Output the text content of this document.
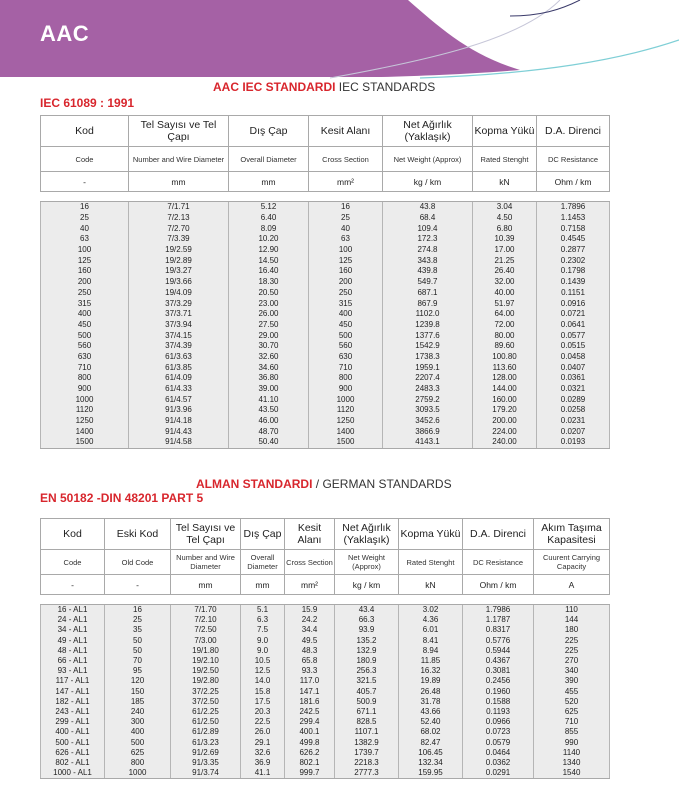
AAC
AAC IEC STANDARDI IEC STANDARDS
IEC 61089 : 1991
Kod	Tel Sayısı ve Tel Çapı	Dış Çap	Kesit Alanı	Net Ağırlık (Yaklaşık)	Kopma Yükü	D.A. Direnci
Code	Number and Wire Diameter	Overall Diameter	Cross Section	Net Weight (Approx)	Rated Stenght	DC Resistance
-	mm	mm	mm²	kg / km	kN	Ohm / km

16	7/1.71	5.12	16	43.8	3.04	1.7896
25	7/2.13	6.40	25	68.4	4.50	1.1453
40	7/2.70	8.09	40	109.4	6.80	0.7158
63	7/3.39	10.20	63	172.3	10.39	0.4545
100	19/2.59	12.90	100	274.8	17.00	0.2877
125	19/2.89	14.50	125	343.8	21.25	0.2302
160	19/3.27	16.40	160	439.8	26.40	0.1798
200	19/3.66	18.30	200	549.7	32.00	0.1439
250	19/4.09	20.50	250	687.1	40.00	0.1151
315	37/3.29	23.00	315	867.9	51.97	0.0916
400	37/3.71	26.00	400	1102.0	64.00	0.0721
450	37/3.94	27.50	450	1239.8	72.00	0.0641
500	37/4.15	29.00	500	1377.6	80.00	0.0577
560	37/4.39	30.70	560	1542.9	89.60	0.0515
630	61/3.63	32.60	630	1738.3	100.80	0.0458
710	61/3.85	34.60	710	1959.1	113.60	0.0407
800	61/4.09	36.80	800	2207.4	128.00	0.0361
900	61/4.33	39.00	900	2483.3	144.00	0.0321
1000	61/4.57	41.10	1000	2759.2	160.00	0.0289
1120	91/3.96	43.50	1120	3093.5	179.20	0.0258
1250	91/4.18	46.00	1250	3452.6	200.00	0.0231
1400	91/4.43	48.70	1400	3866.9	224.00	0.0207
1500	91/4.58	50.40	1500	4143.1	240.00	0.0193
ALMAN STANDARDI / GERMAN STANDARDS
EN 50182 -DIN 48201 PART 5
Kod	Eski Kod	Tel Sayısı ve Tel Çapı	Dış Çap	Kesit Alanı	Net Ağırlık (Yaklaşık)	Kopma Yükü	D.A. Direnci	Akım Taşıma Kapasitesi
Code	Old Code	Number and Wire Diameter	Overall Diameter	Cross Section	Net Weight (Approx)	Rated Stenght	DC Resistance	Cuurent Carrying Capacity
-	-	mm	mm	mm²	kg / km	kN	Ohm / km	A

16 - AL1	16	7/1.70	5.1	15.9	43.4	3.02	1.7986	110
24 - AL1	25	7/2.10	6.3	24.2	66.3	4.36	1.1787	144
34 - AL1	35	7/2.50	7.5	34.4	93.9	6.01	0.8317	180
49 - AL1	50	7/3.00	9.0	49.5	135.2	8.41	0.5776	225
48 - AL1	50	19/1.80	9.0	48.3	132.9	8.94	0.5944	225
66 - AL1	70	19/2.10	10.5	65.8	180.9	11.85	0.4367	270
93 - AL1	95	19/2.50	12.5	93.3	256.3	16.32	0.3081	340
117 - AL1	120	19/2.80	14.0	117.0	321.5	19.89	0.2456	390
147 - AL1	150	37/2.25	15.8	147.1	405.7	26.48	0.1960	455
182 - AL1	185	37/2.50	17.5	181.6	500.9	31.78	0.1588	520
243 - AL1	240	61/2.25	20.3	242.5	671.1	43.66	0.1193	625
299 - AL1	300	61/2.50	22.5	299.4	828.5	52.40	0.0966	710
400 - AL1	400	61/2.89	26.0	400.1	1107.1	68.02	0.0723	855
500 - AL1	500	61/3.23	29.1	499.8	1382.9	82.47	0.0579	990
626 - AL1	625	91/2.69	32.6	626.2	1739.7	106.45	0.0464	1140
802 - AL1	800	91/3.35	36.9	802.1	2218.3	132.34	0.0362	1340
1000 - AL1	1000	91/3.74	41.1	999.7	2777.3	159.95	0.0291	1540
